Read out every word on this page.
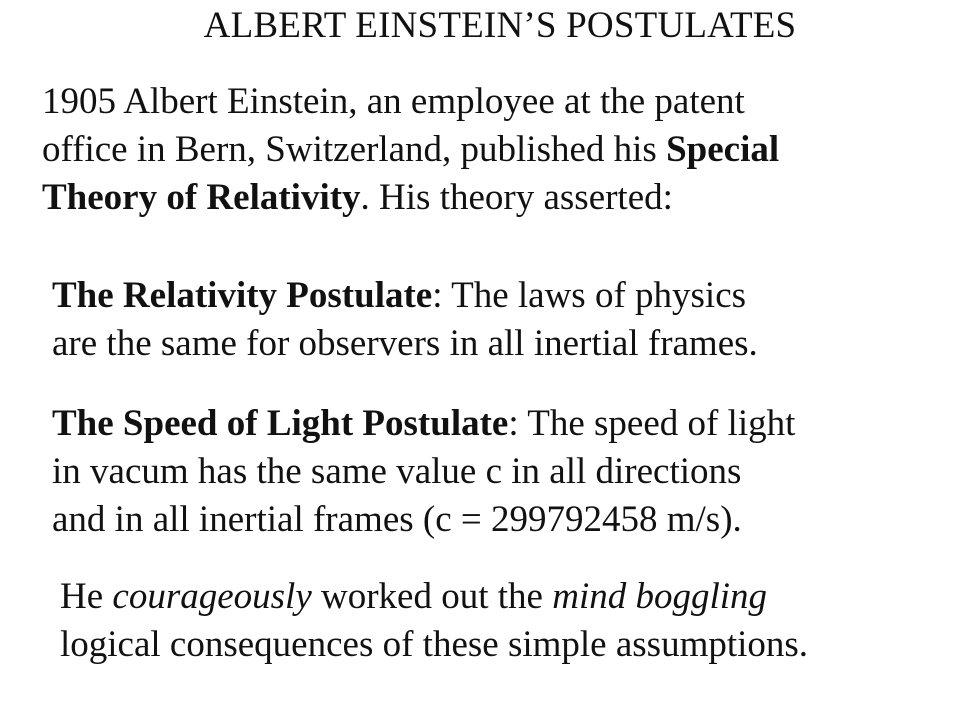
ALBERT EINSTEIN’S POSTULATES
1905 Albert Einstein, an employee at the patent
office in Bern, Switzerland, published his Special
Theory of Relativity. His theory asserted:
The Relativity Postulate: The laws of physics
are the same for observers in all inertial frames.
The Speed of Light Postulate: The speed of light
in vacum has the same value c in all directions
and in all inertial frames (c = 299792458 m/s).
He courageously worked out the mind boggling
logical consequences of these simple assumptions.
